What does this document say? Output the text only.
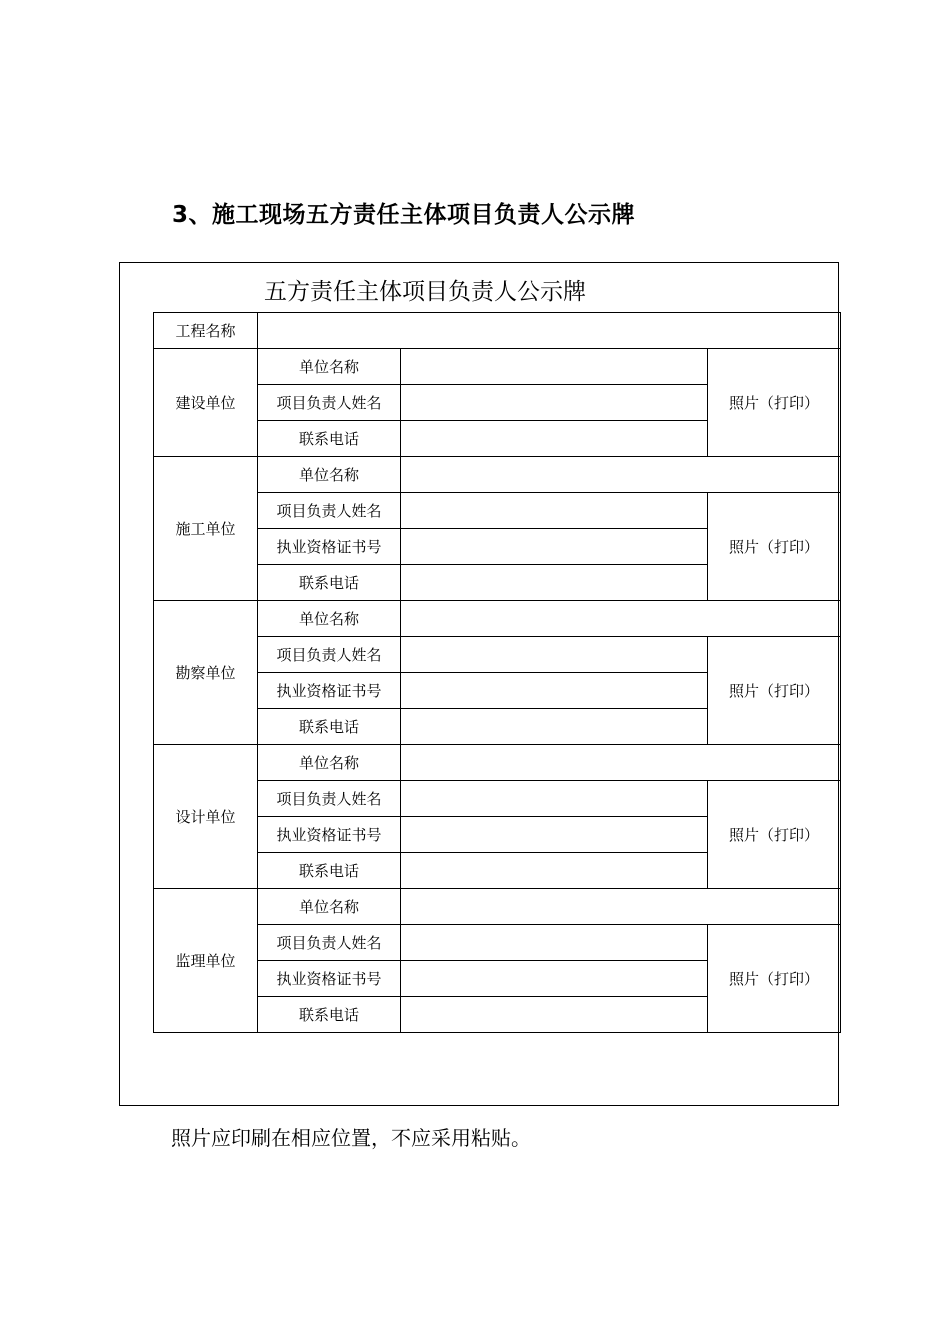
3、施工现场五方责任主体项目负责人公示牌
五方责任主体项目负责人公示牌
工程名称			
建设单位	单位名称		照片（打印）
	项目负责人姓名		
	联系电话		
施工单位	单位名称		
	项目负责人姓名		照片（打印）
	执业资格证书号		
	联系电话		
勘察单位	单位名称		
	项目负责人姓名		照片（打印）
	执业资格证书号		
	联系电话		
设计单位	单位名称		
	项目负责人姓名		照片（打印）
	执业资格证书号		
	联系电话		
监理单位	单位名称		
	项目负责人姓名		照片（打印）
	执业资格证书号		
	联系电话		
照片应印刷在相应位置，不应采用粘贴。
